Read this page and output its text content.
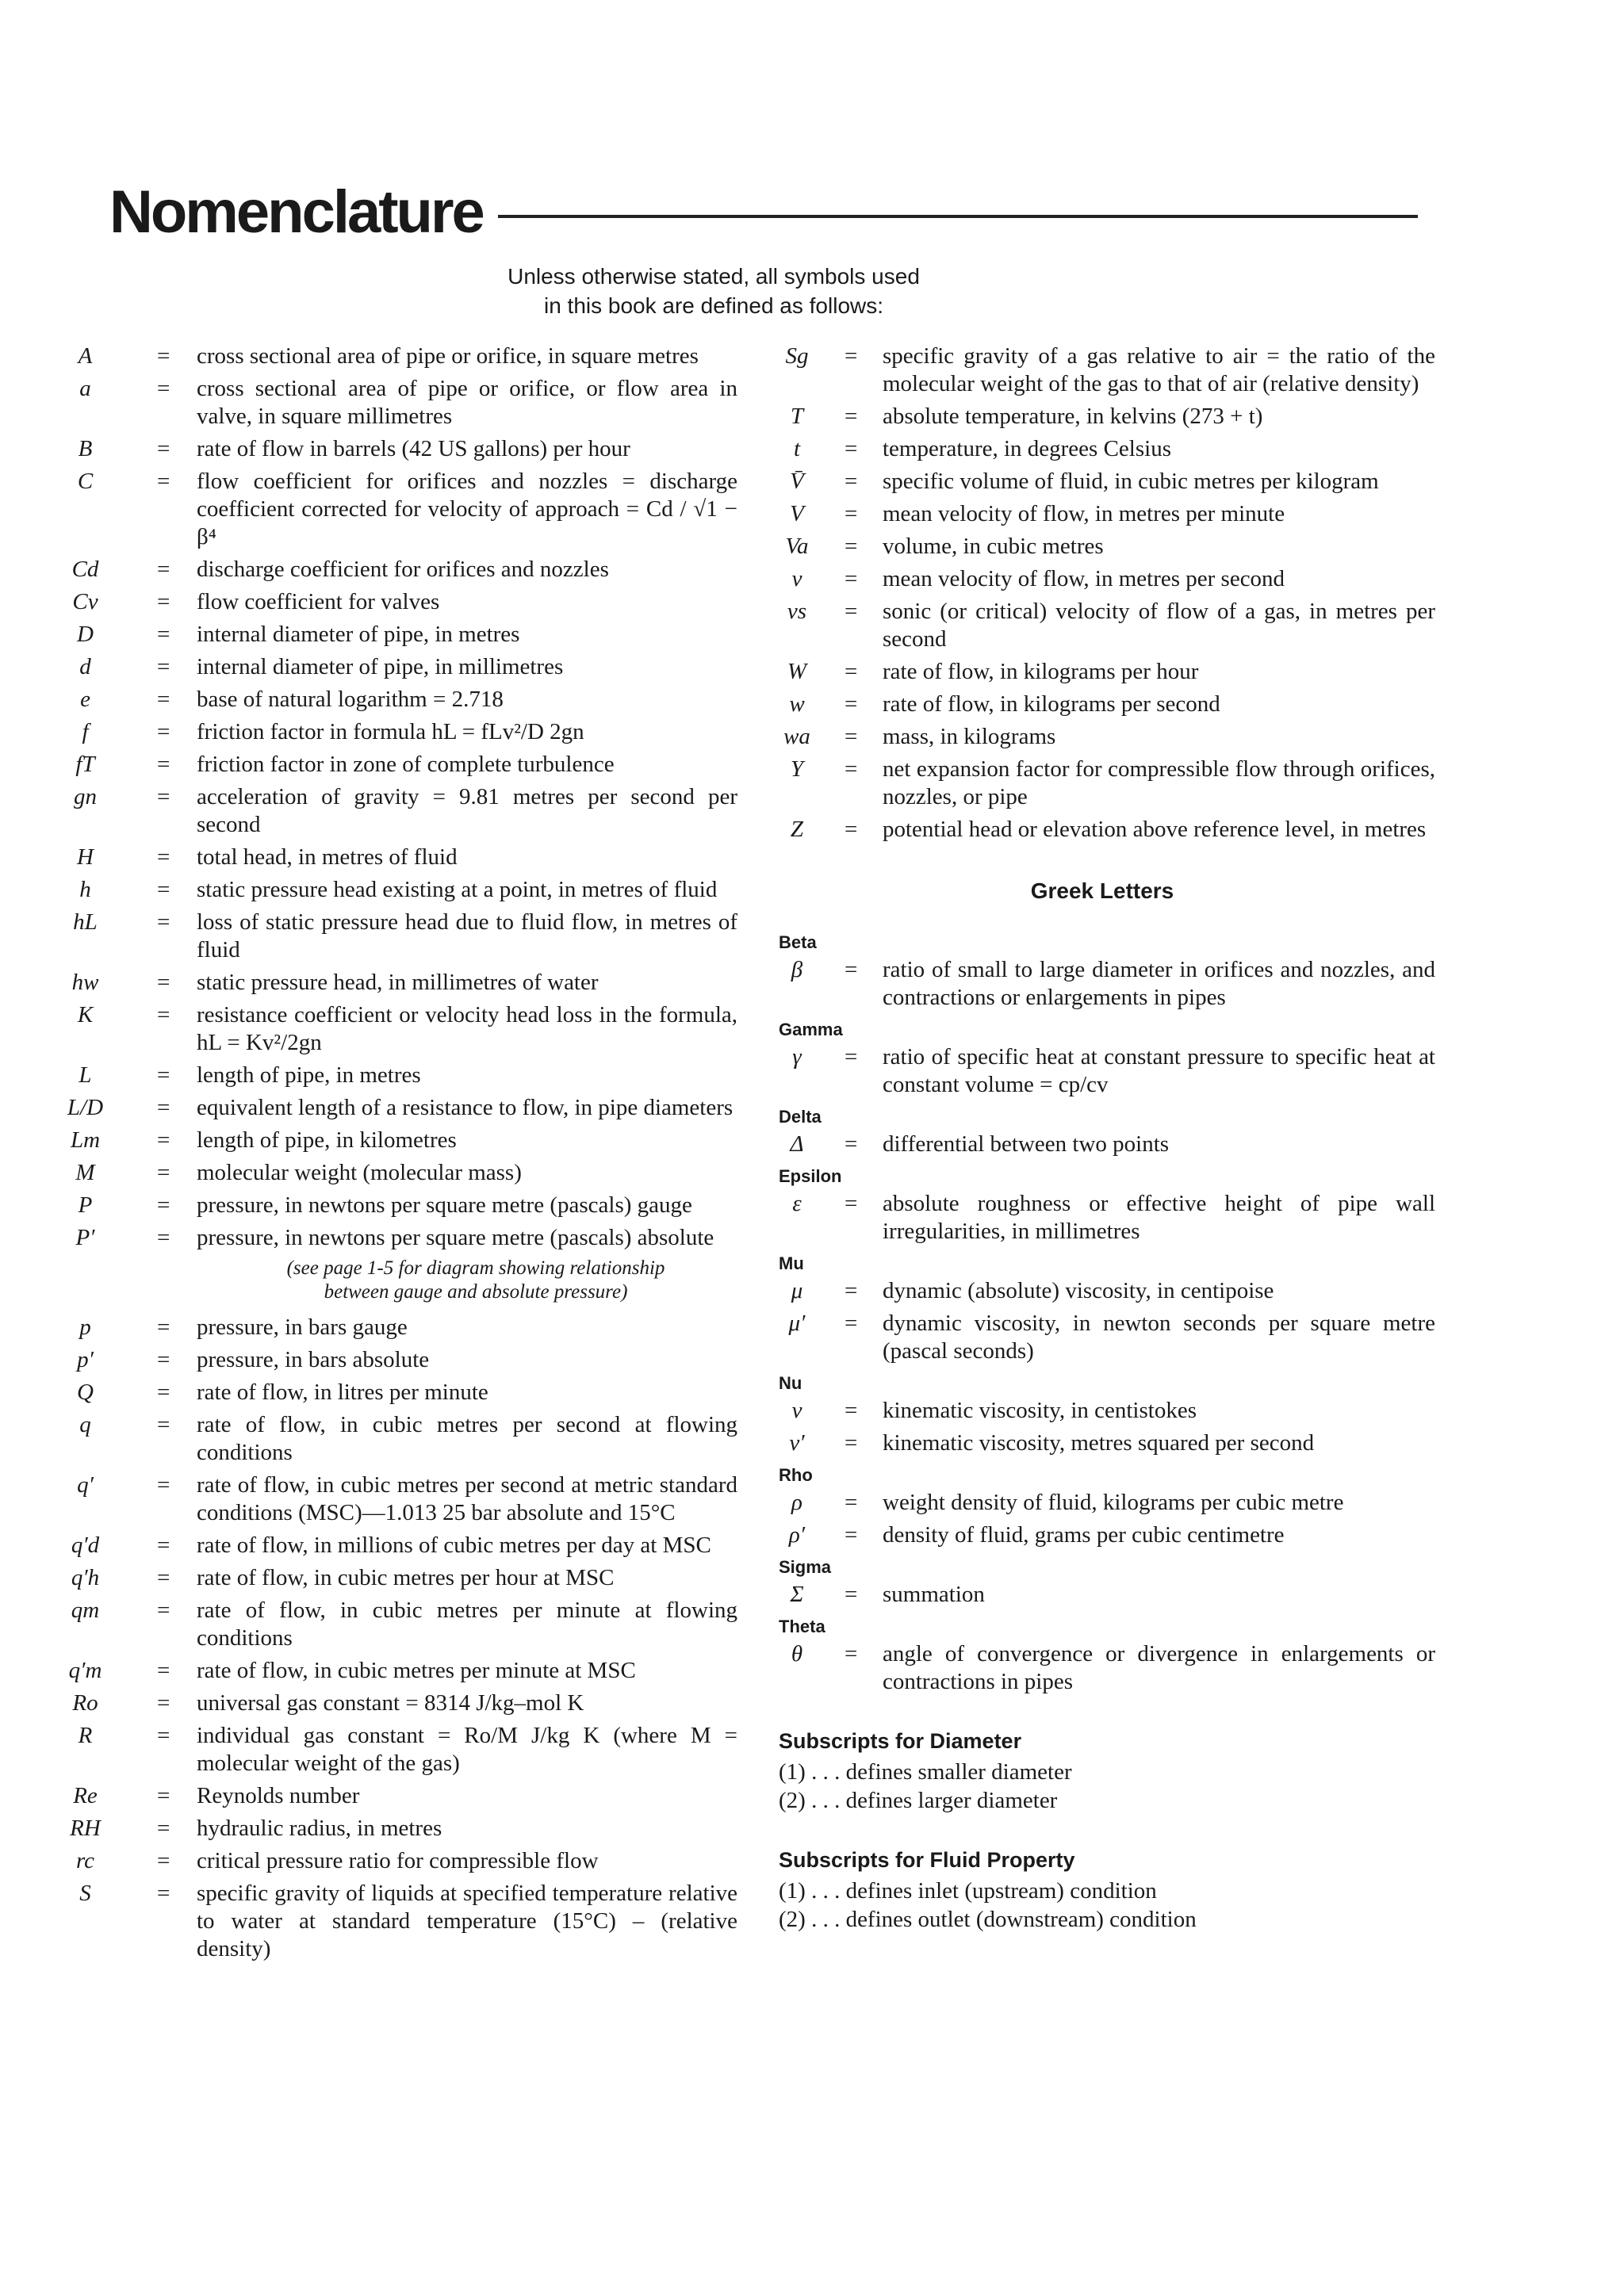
Nomenclature
Unless otherwise stated, all symbols used
in this book are defined as follows:
A	= cross sectional area of pipe or orifice, in square metres
a	= cross sectional area of pipe or orifice, or flow area in valve, in square millimetres
B	= rate of flow in barrels (42 US gallons) per hour
C	= flow coefficient for orifices and nozzles = discharge coefficient corrected for velocity of approach = Cd / √1 − β⁴
Cd	= discharge coefficient for orifices and nozzles
Cv	= flow coefficient for valves
D	= internal diameter of pipe, in metres
d	= internal diameter of pipe, in millimetres
e	= base of natural logarithm = 2.718
f	= friction factor in formula hL = fLv²/D 2gn
fT	= friction factor in zone of complete turbulence
gn	= acceleration of gravity = 9.81 metres per second per second
H	= total head, in metres of fluid
h	= static pressure head existing at a point, in metres of fluid
hL	= loss of static pressure head due to fluid flow, in metres of fluid
hw	= static pressure head, in millimetres of water
K	= resistance coefficient or velocity head loss in the formula, hL = Kv²/2gn
L	= length of pipe, in metres
L/D	= equivalent length of a resistance to flow, in pipe diameters
Lm	= length of pipe, in kilometres
M	= molecular weight (molecular mass)
P	= pressure, in newtons per square metre (pascals) gauge
P′	= pressure, in newtons per square metre (pascals) absolute
(see page 1-5 for diagram showing relationship between gauge and absolute pressure)
p	= pressure, in bars gauge
p′	= pressure, in bars absolute
Q	= rate of flow, in litres per minute
q	= rate of flow, in cubic metres per second at flowing conditions
q′	= rate of flow, in cubic metres per second at metric standard conditions (MSC)—1.013 25 bar absolute and 15°C
q′d	= rate of flow, in millions of cubic metres per day at MSC
q′h	= rate of flow, in cubic metres per hour at MSC
qm	= rate of flow, in cubic metres per minute at flowing conditions
q′m	= rate of flow, in cubic metres per minute at MSC
Ro	= universal gas constant = 8314 J/kg–mol K
R	= individual gas constant = Ro/M J/kg K (where M = molecular weight of the gas)
Re	= Reynolds number
RH	= hydraulic radius, in metres
rc	= critical pressure ratio for compressible flow
S	= specific gravity of liquids at specified temperature relative to water at standard temperature (15°C) – (relative density)
Sg	= specific gravity of a gas relative to air = the ratio of the molecular weight of the gas to that of air (relative density)
T	= absolute temperature, in kelvins (273 + t)
t	= temperature, in degrees Celsius
V̄	= specific volume of fluid, in cubic metres per kilogram
V	= mean velocity of flow, in metres per minute
Va	= volume, in cubic metres
v	= mean velocity of flow, in metres per second
vs	= sonic (or critical) velocity of flow of a gas, in metres per second
W	= rate of flow, in kilograms per hour
w	= rate of flow, in kilograms per second
wa	= mass, in kilograms
Y	= net expansion factor for compressible flow through orifices, nozzles, or pipe
Z	= potential head or elevation above reference level, in metres
Greek Letters
Beta
β	= ratio of small to large diameter in orifices and nozzles, and contractions or enlargements in pipes
Gamma
γ	= ratio of specific heat at constant pressure to specific heat at constant volume = cp/cv
Delta
Δ	= differential between two points
Epsilon
ε	= absolute roughness or effective height of pipe wall irregularities, in millimetres
Mu
μ	= dynamic (absolute) viscosity, in centipoise
μ′	= dynamic viscosity, in newton seconds per square metre (pascal seconds)
Nu
ν	= kinematic viscosity, in centistokes
ν′	= kinematic viscosity, metres squared per second
Rho
ρ	= weight density of fluid, kilograms per cubic metre
ρ′	= density of fluid, grams per cubic centimetre
Sigma
Σ	= summation
Theta
θ	= angle of convergence or divergence in enlargements or contractions in pipes
Subscripts for Diameter
(1) . . . defines smaller diameter
(2) . . . defines larger diameter
Subscripts for Fluid Property
(1) . . . defines inlet (upstream) condition
(2) . . . defines outlet (downstream) condition
